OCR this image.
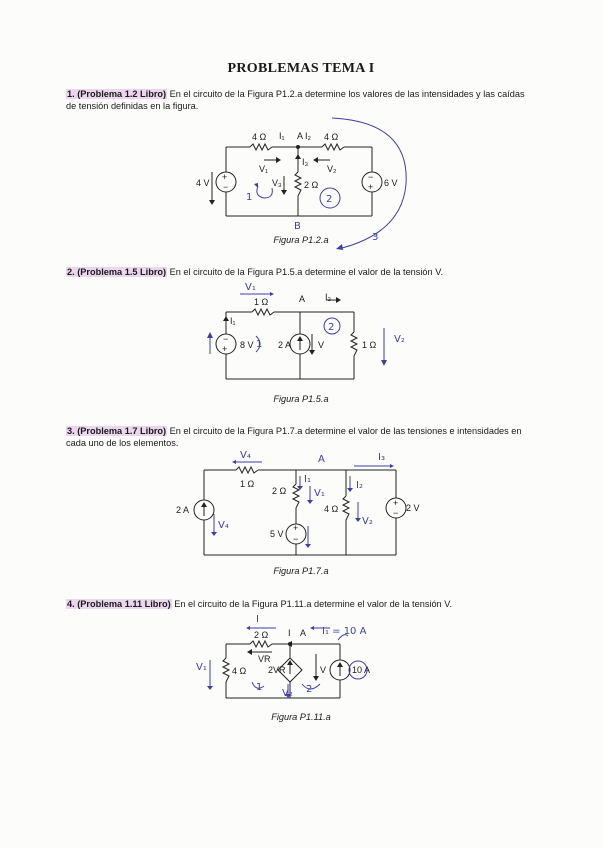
PROBLEMAS TEMA I
1. (Problema 1.2 Libro) En el circuito de la Figura P1.2.a determine los valores de las intensidades y las caídas de tensión definidas en la figura.
4 Ω	4 Ω
I₁ A I₂
I₃
V₁	V₂
V₃ 2 Ω
4 V	6 V
+
−
−
+
1	2
B
3
Figura P1.2.a
2. (Problema 1.5 Libro) En el circuito de la Figura P1.5.a determine el valor de la tensión V.
1 Ω	A I₂
I₁
8 V	2 A	V	1 Ω
−
+
V₁
1
2
V₂
Figura P1.5.a
3. (Problema 1.7 Libro) En el circuito de la Figura P1.7.a determine el valor de las tensiones e intensidades en cada uno de los elementos.
1 Ω
2 Ω
4 Ω
2 A
5 V
2 V
+
−
+
−
V₄	A	I₃
I₁
V₁
I₂
V₂
V₄
Figura P1.7.a
4. (Problema 1.11 Libro) En el circuito de la Figura P1.11.a determine el valor de la tensión V.
2 Ω I A
VR
4 Ω 2VR	V	10 A
I
I₁ = 10 A
V₁
1
V₂ 2
Figura P1.11.a
